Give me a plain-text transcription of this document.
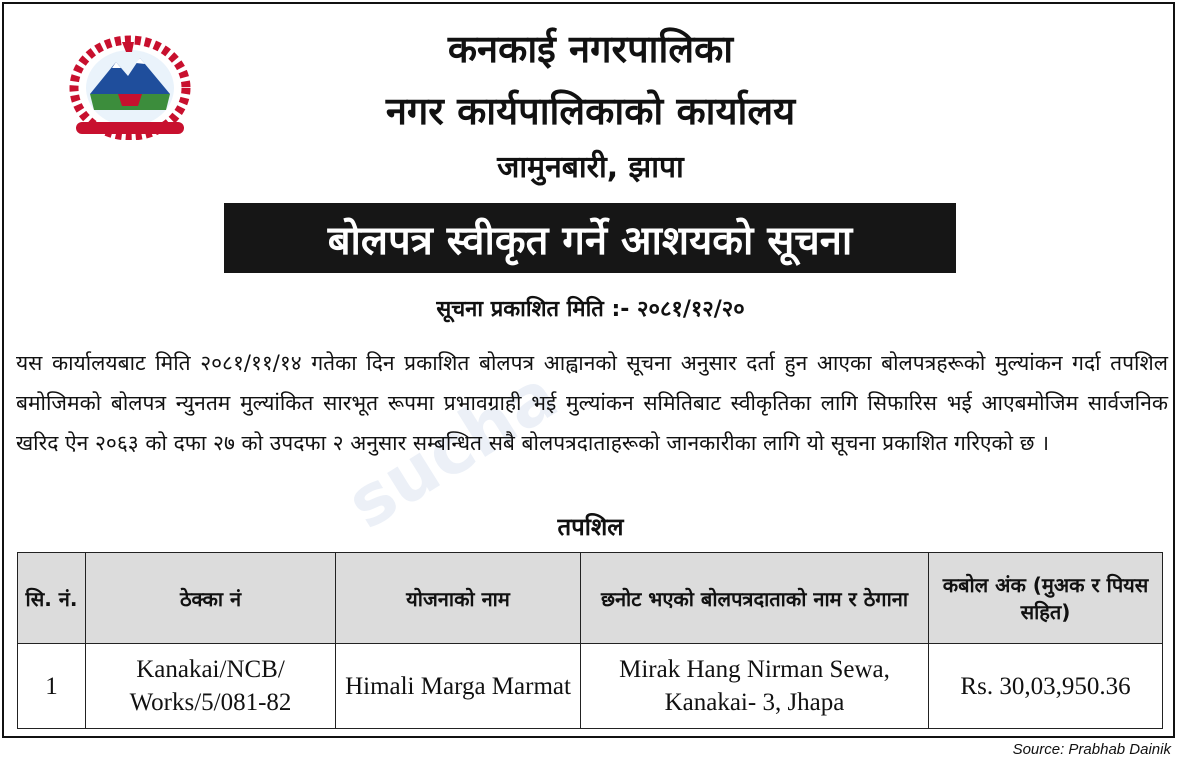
sucha
कनकाई नगरपालिका
नगर कार्यपालिकाको कार्यालय
जामुनबारी, झापा
बोलपत्र स्वीकृत गर्ने आशयको सूचना
सूचना प्रकाशित मिति :- २०८१/१२/२०
यस कार्यालयबाट मिति २०८१/११/१४ गतेका दिन प्रकाशित बोलपत्र आह्वानको सूचना अनुसार दर्ता हुन आएका बोलपत्रहरूको मुल्यांकन गर्दा तपशिल बमोजिमको बोलपत्र न्युनतम मुल्यांकित सारभूत रूपमा प्रभावग्राही भई मुल्यांकन समितिबाट स्वीकृतिका लागि सिफारिस भई आएबमोजिम सार्वजनिक खरिद ऐन २०६३ को दफा २७ को उपदफा २ अनुसार सम्बन्धित सबै बोलपत्रदाताहरूको जानकारीका लागि यो सूचना प्रकाशित गरिएको छ ।
तपशिल
सि. नं.	ठेक्का नं	योजनाको नाम	छनोट भएको बोलपत्रदाताको नाम र ठेगाना	कबोल अंक (मुअक र पियस सहित)
1	Kanakai/NCB/ Works/5/081-82	Himali Marga Marmat	Mirak Hang Nirman Sewa, Kanakai- 3, Jhapa	Rs. 30,03,950.36
Source: Prabhab Dainik
